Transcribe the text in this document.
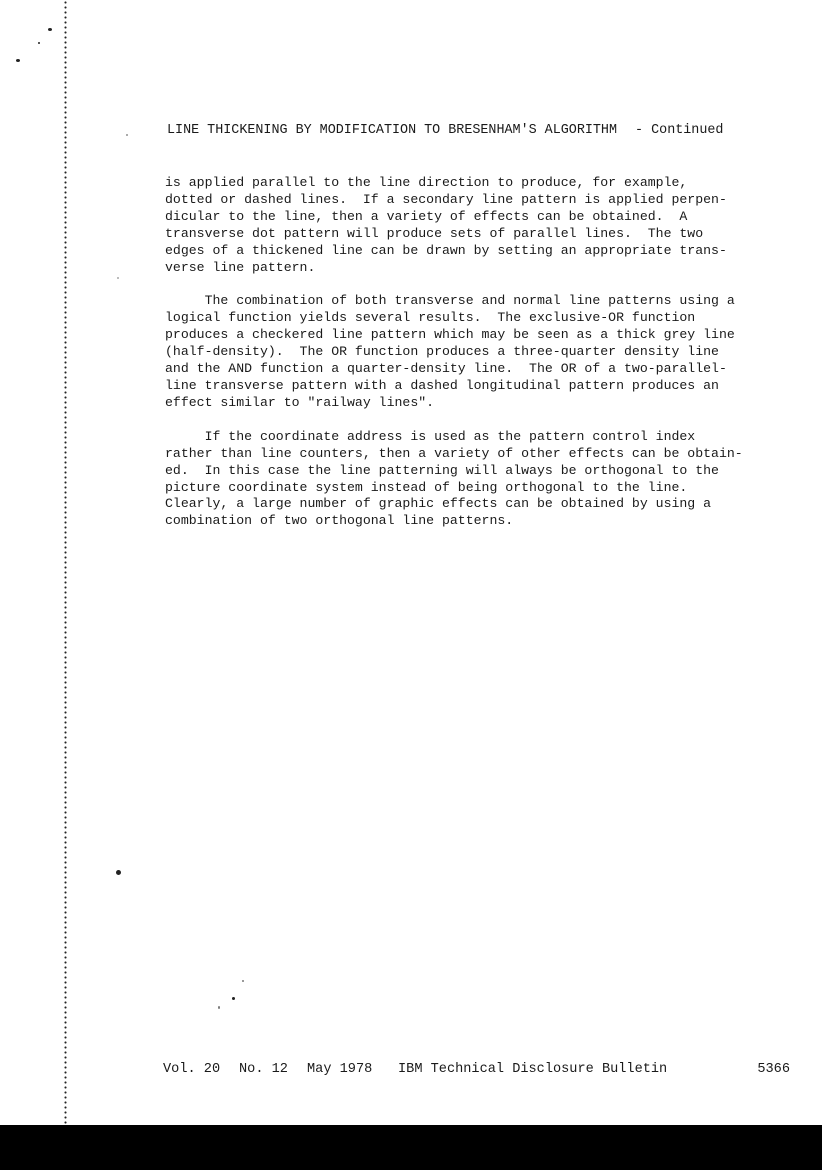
LINE THICKENING BY MODIFICATION TO BRESENHAM'S ALGORITHM - Continued
is applied parallel to the line direction to produce, for example,
dotted or dashed lines.  If a secondary line pattern is applied perpen-
dicular to the line, then a variety of effects can be obtained.  A
transverse dot pattern will produce sets of parallel lines.  The two
edges of a thickened line can be drawn by setting an appropriate trans-
verse line pattern.
The combination of both transverse and normal line patterns using a
logical function yields several results.  The exclusive-OR function
produces a checkered line pattern which may be seen as a thick grey line
(half-density).  The OR function produces a three-quarter density line
and the AND function a quarter-density line.  The OR of a two-parallel-
line transverse pattern with a dashed longitudinal pattern produces an
effect similar to "railway lines".
If the coordinate address is used as the pattern control index
rather than line counters, then a variety of other effects can be obtain-
ed.  In this case the line patterning will always be orthogonal to the
picture coordinate system instead of being orthogonal to the line.
Clearly, a large number of graphic effects can be obtained by using a
combination of two orthogonal line patterns.
Vol. 20 No. 12 May 1978 IBM Technical Disclosure Bulletin	5366
